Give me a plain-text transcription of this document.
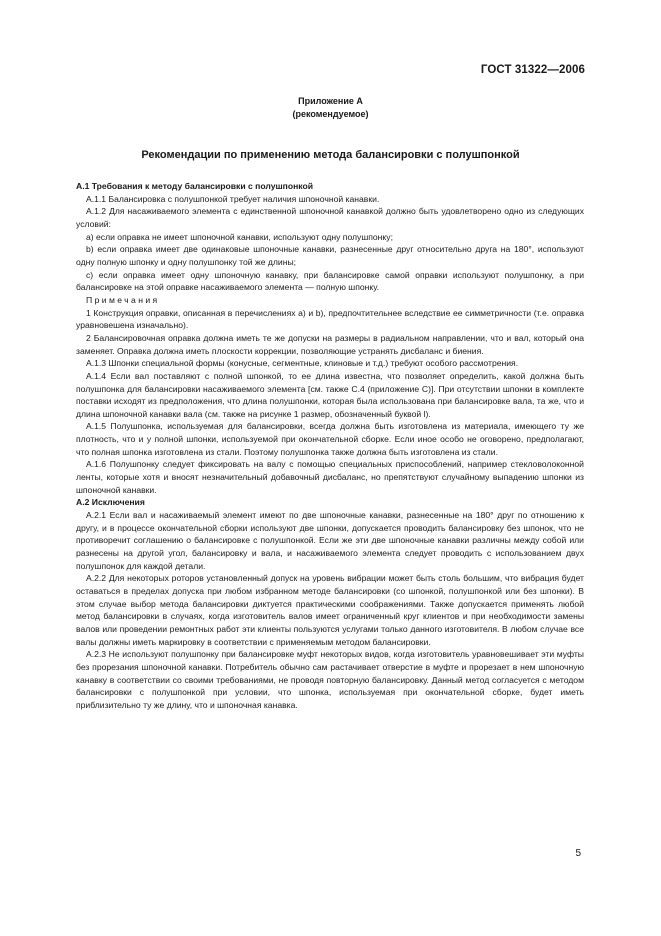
ГОСТ 31322—2006
Приложение А
(рекомендуемое)
Рекомендации по применению метода балансировки с полушпонкой

А.1 Требования к методу балансировки с полушпонкой

А.1.1 Балансировка с полушпонкой требует наличия шпоночной канавки.

А.1.2 Для насаживаемого элемента с единственной шпоночной канавкой должно быть удовлетворено одно из следующих условий:

a) если оправка не имеет шпоночной канавки, используют одну полушпонку;

b) если оправка имеет две одинаковые шпоночные канавки, разнесенные друг относительно друга на 180°, используют одну полную шпонку и одну полушпонку той же длины;

c) если оправка имеет одну шпоночную канавку, при балансировке самой оправки используют полушпонку, а при балансировке на этой оправке насаживаемого элемента — полную шпонку.

Примечания

1 Конструкция оправки, описанная в перечислениях a) и b), предпочтительнее вследствие ее симметричности (т.е. оправка уравновешена изначально).

2 Балансировочная оправка должна иметь те же допуски на размеры в радиальном направлении, что и вал, который она заменяет. Оправка должна иметь плоскости коррекции, позволяющие устранять дисбаланс и биения.

А.1.3 Шпонки специальной формы (конусные, сегментные, клиновые и т.д.) требуют особого рассмотрения.

А.1.4 Если вал поставляют с полной шпонкой, то ее длина известна, что позволяет определить, какой должна быть полушпонка для балансировки насаживаемого элемента [см. также С.4 (приложение С)]. При отсутствии шпонки в комплекте поставки исходят из предположения, что длина полушпонки, которая была использована при балансировке вала, та же, что и длина шпоночной канавки вала (см. также на рисунке 1 размер, обозначенный буквой l).

А.1.5 Полушпонка, используемая для балансировки, всегда должна быть изготовлена из материала, имеющего ту же плотность, что и у полной шпонки, используемой при окончательной сборке. Если иное особо не оговорено, предполагают, что полная шпонка изготовлена из стали. Поэтому полушпонка также должна быть изготовлена из стали.

А.1.6 Полушпонку следует фиксировать на валу с помощью специальных приспособлений, например стекловолоконной ленты, которые хотя и вносят незначительный добавочный дисбаланс, но препятствуют случайному выпадению шпонки из шпоночной канавки.

А.2 Исключения

А.2.1 Если вал и насаживаемый элемент имеют по две шпоночные канавки, разнесенные на 180° друг по отношению к другу, и в процессе окончательной сборки используют две шпонки, допускается проводить балансировку без шпонок, что не противоречит соглашению о балансировке с полушпонкой. Если же эти две шпоночные канавки различны между собой или разнесены на другой угол, балансировку и вала, и насаживаемого элемента следует проводить с использованием двух полушпонок для каждой детали.

А.2.2 Для некоторых роторов установленный допуск на уровень вибрации может быть столь большим, что вибрация будет оставаться в пределах допуска при любом избранном методе балансировки (со шпонкой, полушпонкой или без шпонки). В этом случае выбор метода балансировки диктуется практическими соображениями. Также допускается применять любой метод балансировки в случаях, когда изготовитель валов имеет ограниченный круг клиентов и при необходимости замены валов или проведении ремонтных работ эти клиенты пользуются услугами только данного изготовителя. В любом случае все валы должны иметь маркировку в соответствии с применяемым методом балансировки.

А.2.3 Не используют полушпонку при балансировке муфт некоторых видов, когда изготовитель уравновешивает эти муфты без прорезания шпоночной канавки. Потребитель обычно сам растачивает отверстие в муфте и прорезает в нем шпоночную канавку в соответствии со своими требованиями, не проводя повторную балансировку. Данный метод согласуется с методом балансировки с полушпонкой при условии, что шпонка, используемая при окончательной сборке, будет иметь приблизительно ту же длину, что и шпоночная канавка.

5
